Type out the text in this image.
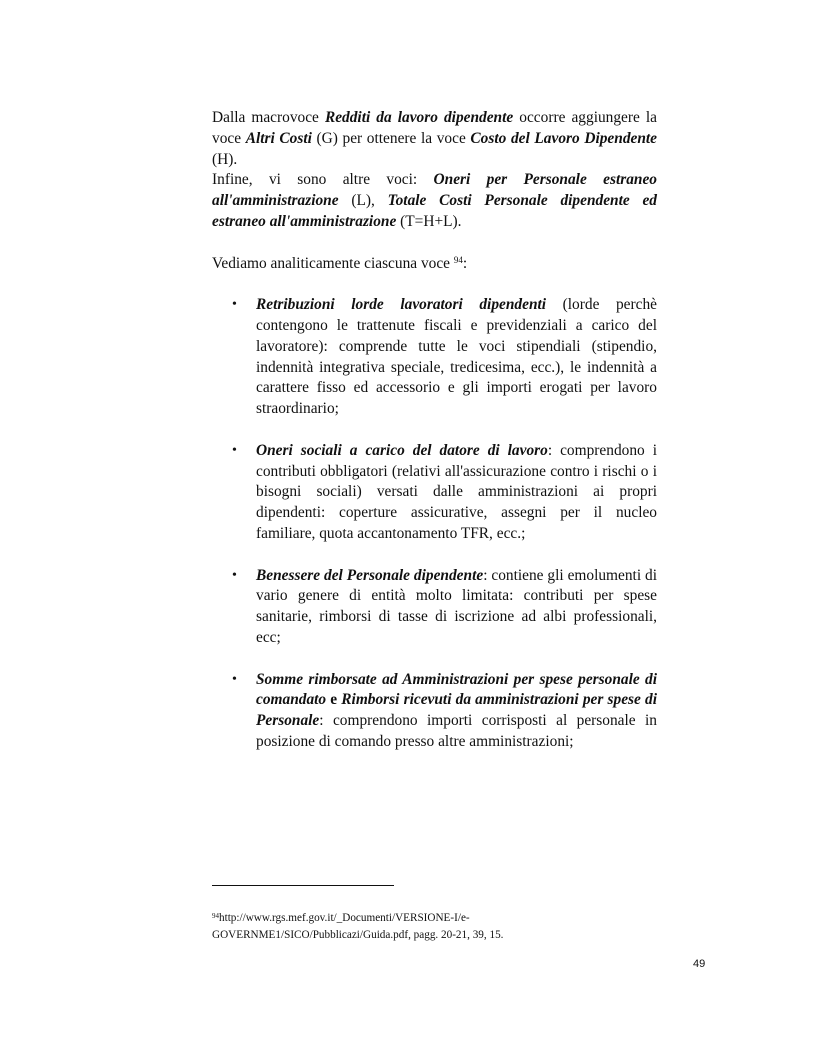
Dalla macrovoce Redditi da lavoro dipendente occorre aggiungere la voce Altri Costi (G) per ottenere la voce Costo del Lavoro Dipendente (H).

Infine, vi sono altre voci: Oneri per Personale estraneo all'amministrazione (L), Totale Costi Personale dipendente ed estraneo all'amministrazione (T=H+L).

Vediamo analiticamente ciascuna voce $^{94}$:

• Retribuzioni lorde lavoratori dipendenti (lorde perchè contengono le trattenute fiscali e previdenziali a carico del lavoratore): comprende tutte le voci stipendiali (stipendio, indennità integrativa speciale, tredicesima, ecc.), le indennità a carattere fisso ed accessorio e gli importi erogati per lavoro straordinario;

• Oneri sociali a carico del datore di lavoro: comprendono i contributi obbligatori (relativi all'assicurazione contro i rischi o i bisogni sociali) versati dalle amministrazioni ai propri dipendenti: coperture assicurative, assegni per il nucleo familiare, quota accantonamento TFR, ecc.;

• Benessere del Personale dipendente: contiene gli emolumenti di vario genere di entità molto limitata: contributi per spese sanitarie, rimborsi di tasse di iscrizione ad albi professionali, ecc;

• Somme rimborsate ad Amministrazioni per spese personale di comandato e Rimborsi ricevuti da amministrazioni per spese di Personale: comprendono importi corrisposti al personale in posizione di comando presso altre amministrazioni;

$^{94}$http://www.rgs.mef.gov.it/_Documenti/VERSIONE-I/e-GOVERNME1/SICO/Pubblicazi/Guida.pdf, pagg. 20-21, 39, 15.
49
